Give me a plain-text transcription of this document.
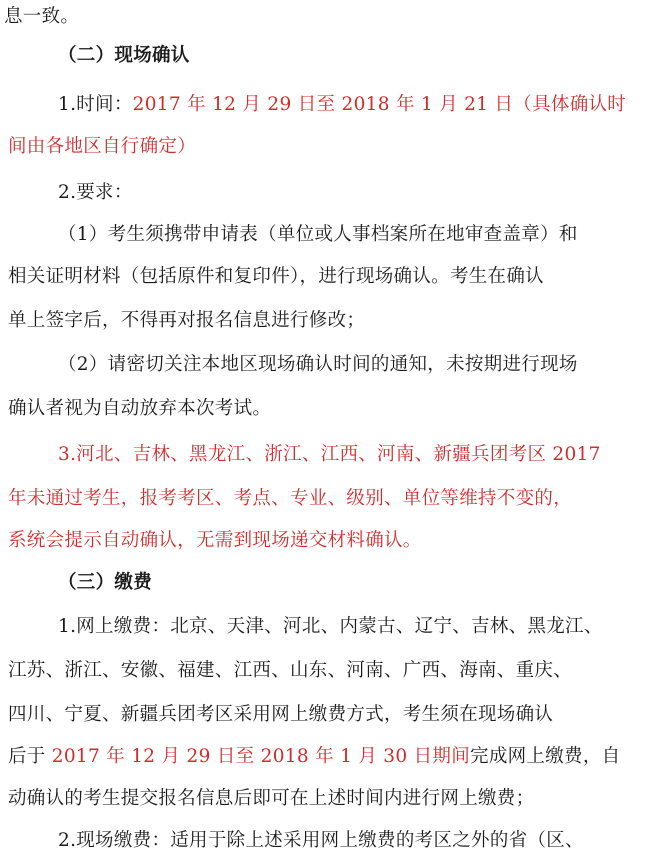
息一致。
（二）现场确认
1.时间：2017 年 12 月 29 日至 2018 年 1 月 21 日（具体确认时
间由各地区自行确定）
2.要求：
（1）考生须携带申请表（单位或人事档案所在地审查盖章）和
相关证明材料（包括原件和复印件），进行现场确认。考生在确认
单上签字后，不得再对报名信息进行修改；
（2）请密切关注本地区现场确认时间的通知，未按期进行现场
确认者视为自动放弃本次考试。
3.河北、吉林、黑龙江、浙江、江西、河南、新疆兵团考区 2017
年未通过考生，报考考区、考点、专业、级别、单位等维持不变的，
系统会提示自动确认，无需到现场递交材料确认。
（三）缴费
1.网上缴费：北京、天津、河北、内蒙古、辽宁、吉林、黑龙江、
江苏、浙江、安徽、福建、江西、山东、河南、广西、海南、重庆、
四川、宁夏、新疆兵团考区采用网上缴费方式，考生须在现场确认
后于 2017 年 12 月 29 日至 2018 年 1 月 30 日期间完成网上缴费，自
动确认的考生提交报名信息后即可在上述时间内进行网上缴费；
2.现场缴费：适用于除上述采用网上缴费的考区之外的省（区、
